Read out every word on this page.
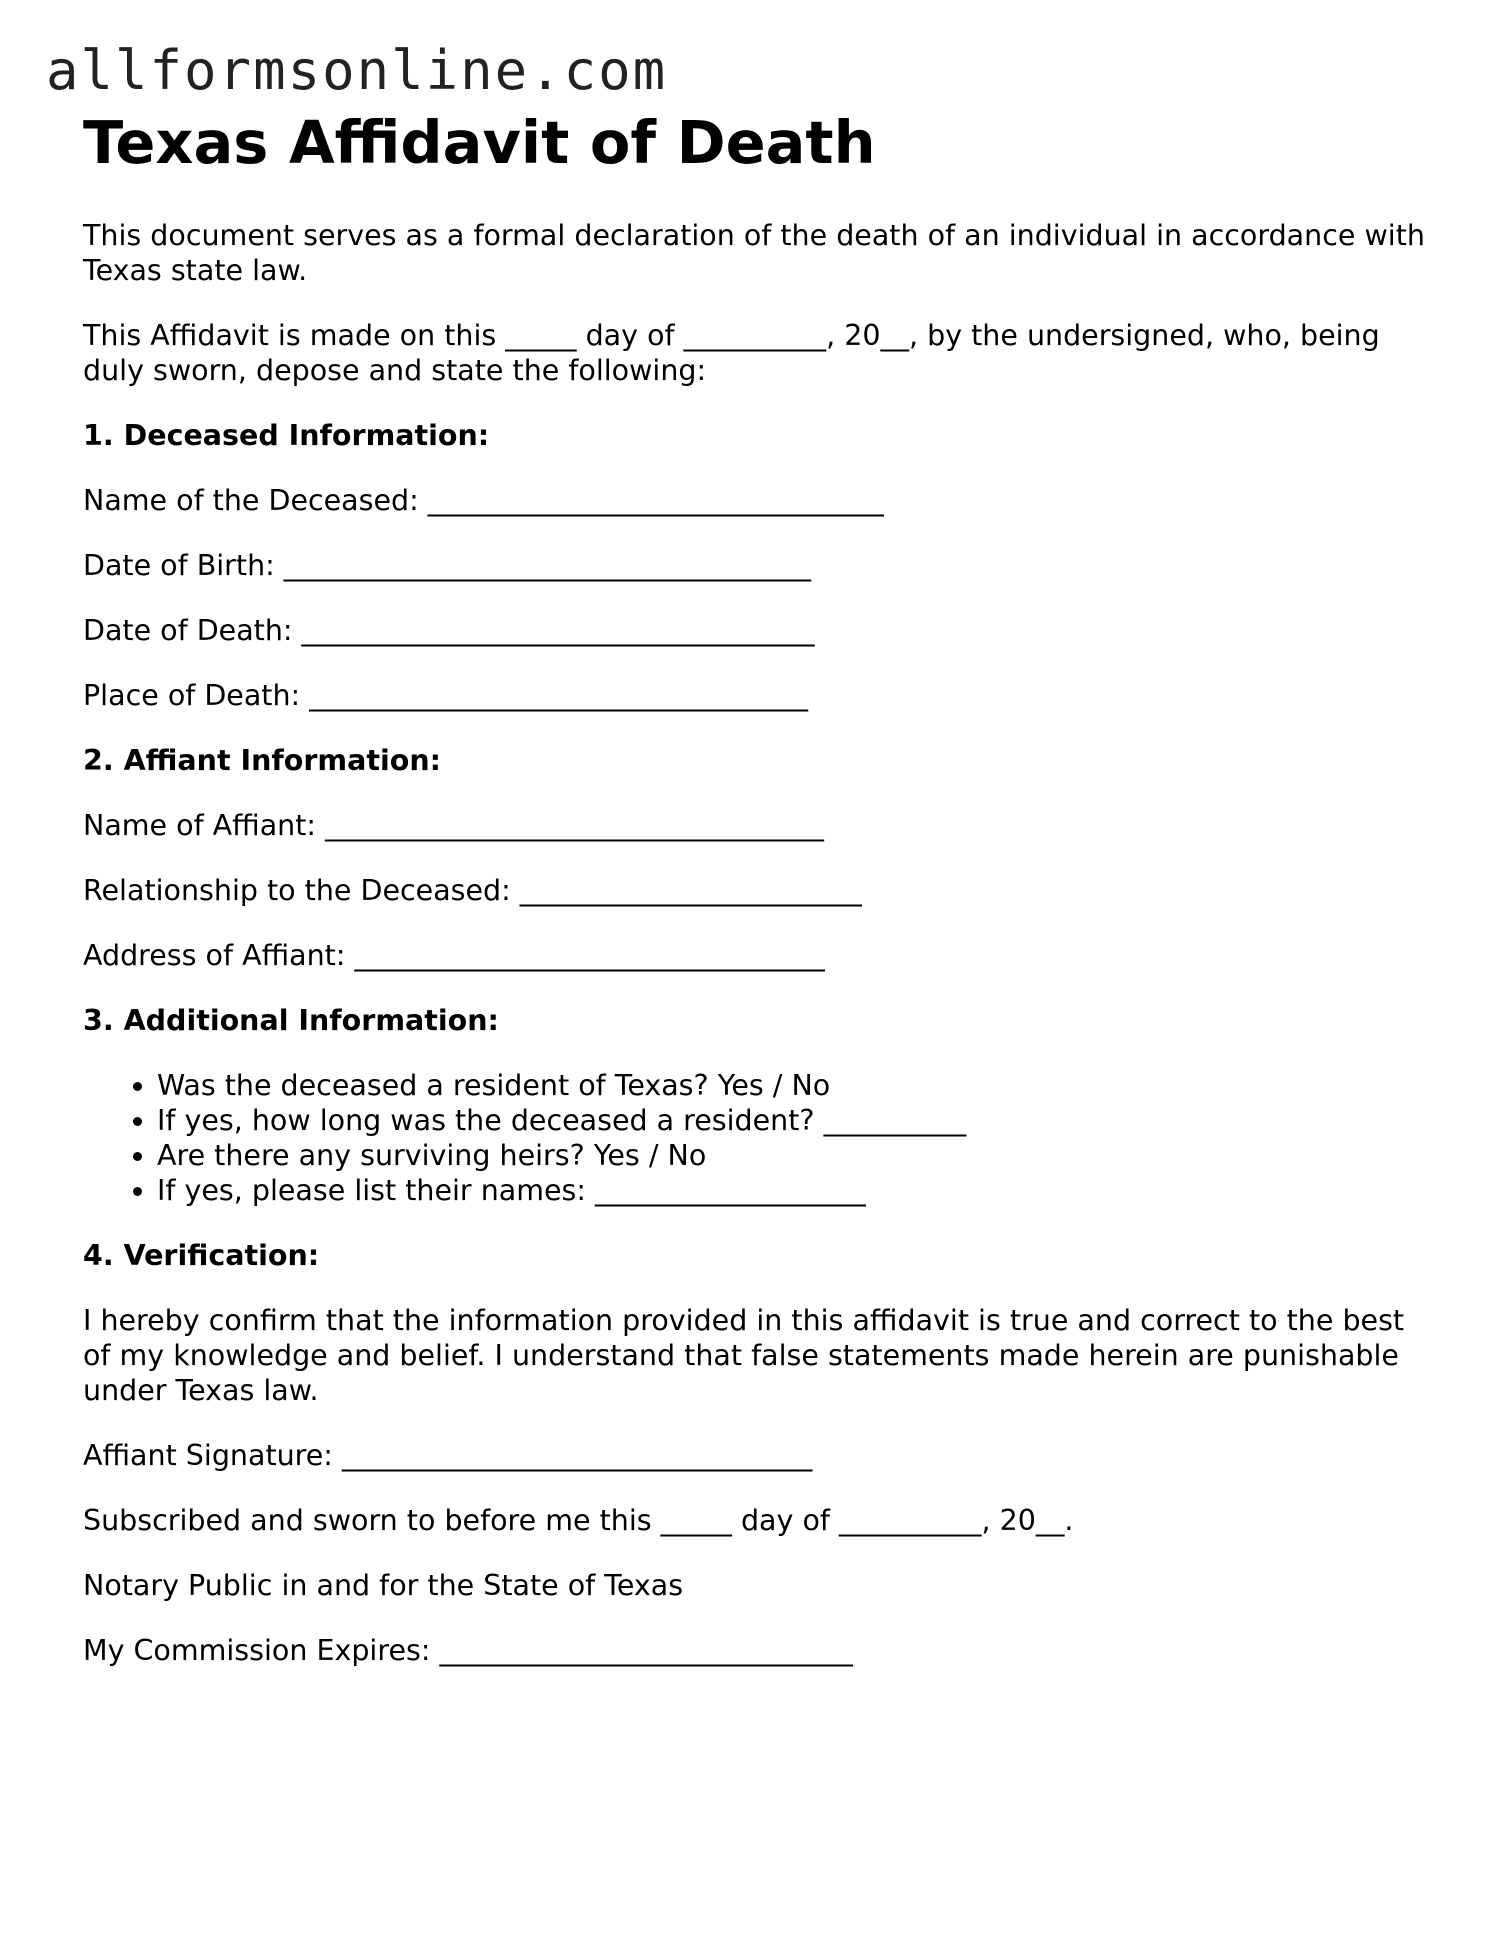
allformsonline.com
Texas Affidavit of Death

This document serves as a formal declaration of the death of an individual in accordance with Texas state law.

This Affidavit is made on this _____ day of __________, 20__, by the undersigned, who, being duly sworn, depose and state the following:

1. Deceased Information:

Name of the Deceased: ________________________________

Date of Birth: _____________________________________

Date of Death: ____________________________________

Place of Death: ___________________________________

2. Affiant Information:

Name of Affiant: ___________________________________

Relationship to the Deceased: ________________________

Address of Affiant: _________________________________

3. Additional Information:

• Was the deceased a resident of Texas? Yes / No
• If yes, how long was the deceased a resident? __________
• Are there any surviving heirs? Yes / No
• If yes, please list their names: ___________________

4. Verification:

I hereby confirm that the information provided in this affidavit is true and correct to the best of my knowledge and belief. I understand that false statements made herein are punishable under Texas law.

Affiant Signature: _________________________________

Subscribed and sworn to before me this _____ day of __________, 20__.

Notary Public in and for the State of Texas

My Commission Expires: _____________________________
